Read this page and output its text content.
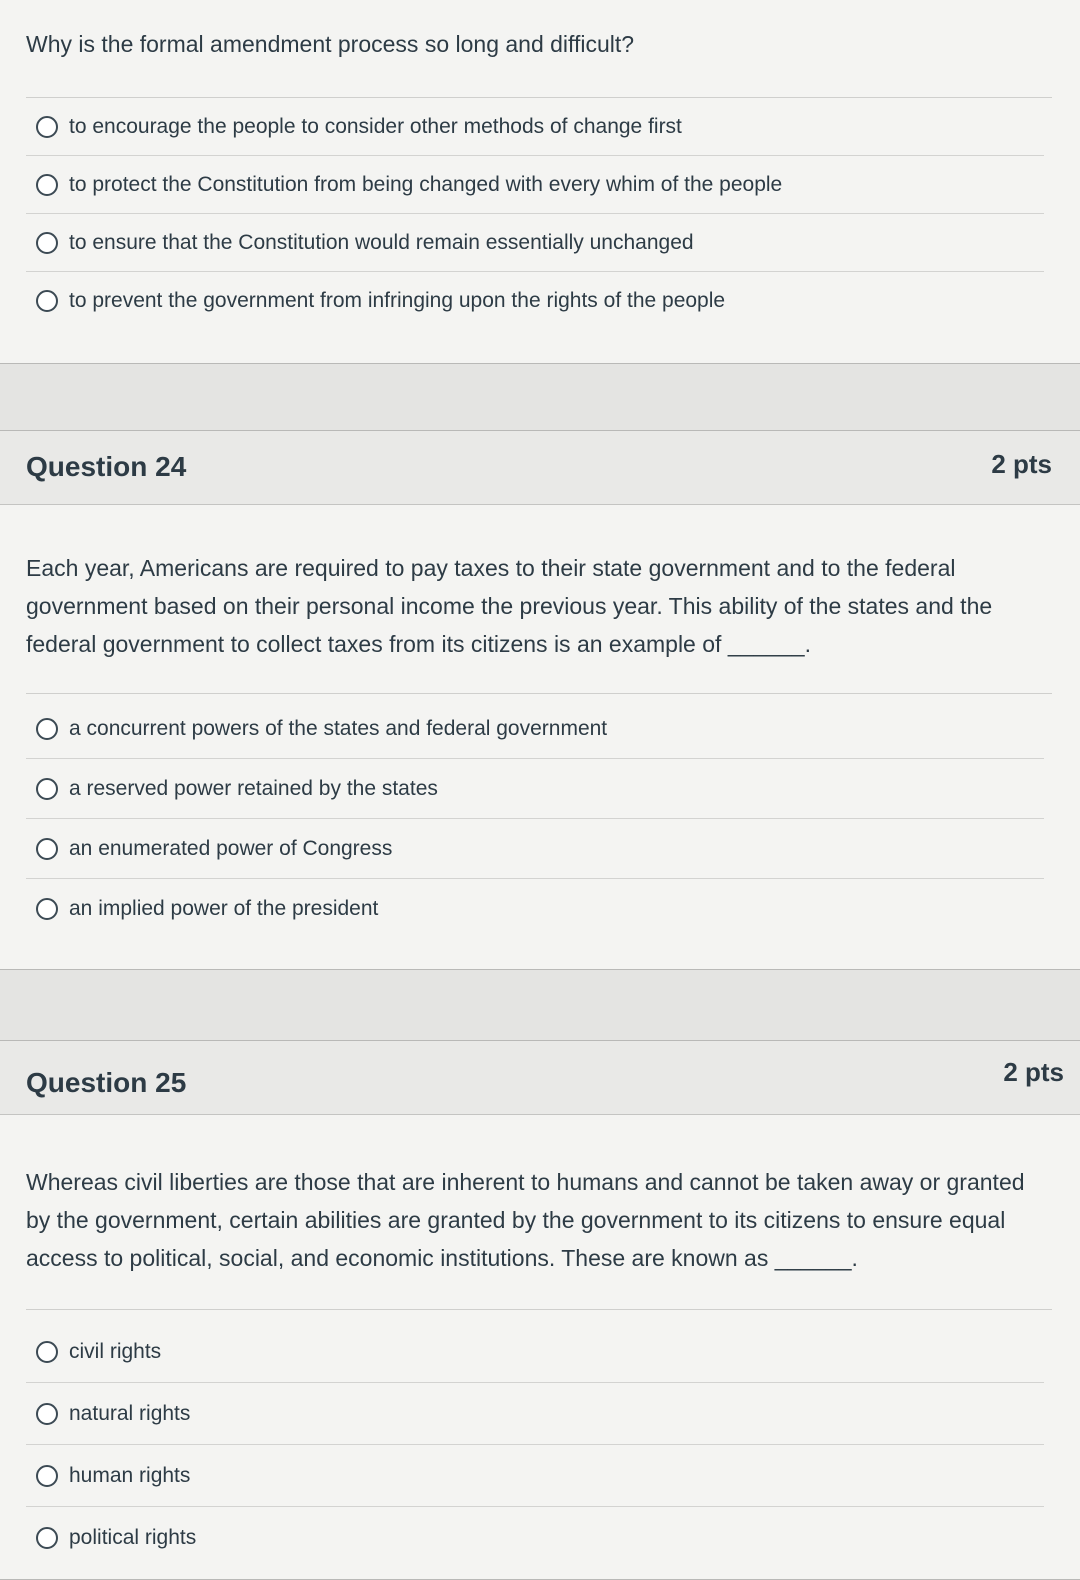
Why is the formal amendment process so long and difficult?
to encourage the people to consider other methods of change first
to protect the Constitution from being changed with every whim of the people
to ensure that the Constitution would remain essentially unchanged
to prevent the government from infringing upon the rights of the people
Question 24	2 pts
Each year, Americans are required to pay taxes to their state government and to the federal government based on their personal income the previous year. This ability of the states and the federal government to collect taxes from its citizens is an example of ______.
a concurrent powers of the states and federal government
a reserved power retained by the states
an enumerated power of Congress
an implied power of the president
Question 25	2 pts
Whereas civil liberties are those that are inherent to humans and cannot be taken away or granted by the government, certain abilities are granted by the government to its citizens to ensure equal access to political, social, and economic institutions. These are known as ______.
civil rights
natural rights
human rights
political rights
